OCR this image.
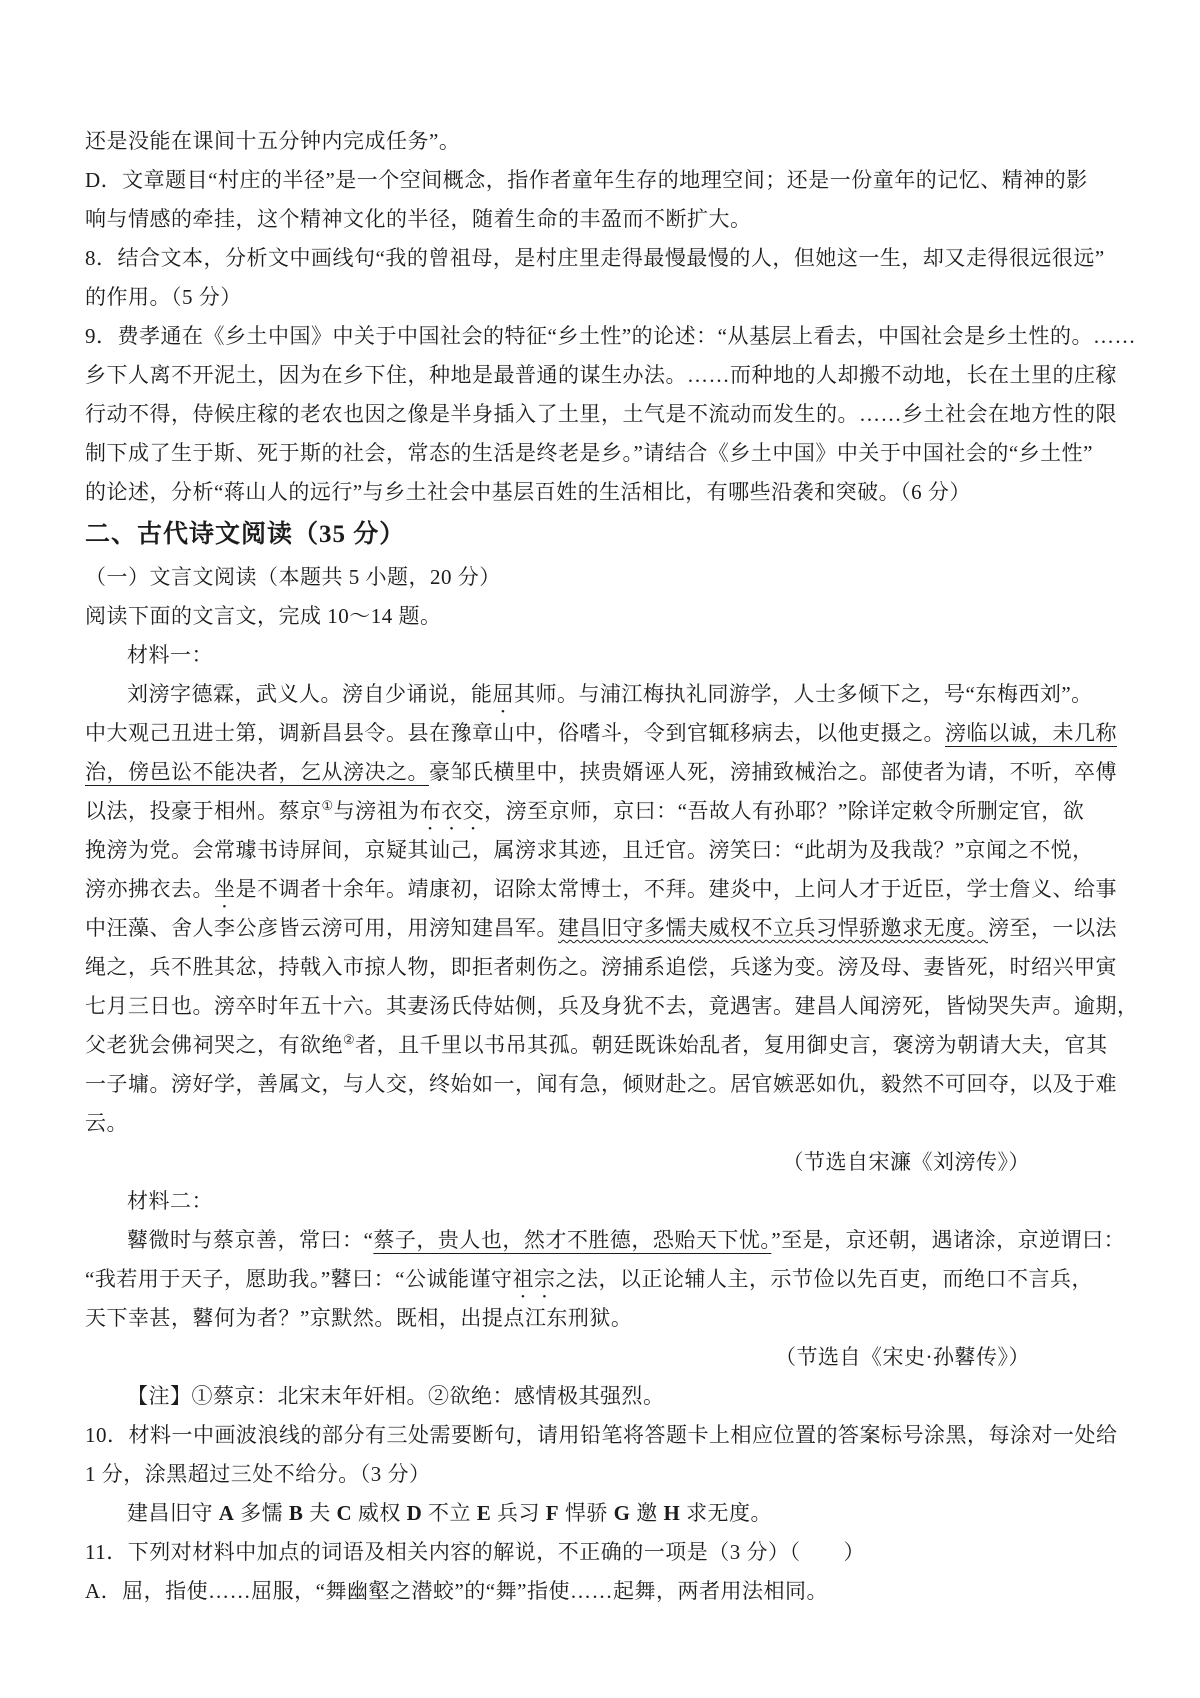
还是没能在课间十五分钟内完成任务”。
D．文章题目“村庄的半径”是一个空间概念，指作者童年生存的地理空间；还是一份童年的记忆、精神的影
响与情感的牵挂，这个精神文化的半径，随着生命的丰盈而不断扩大。
8．结合文本，分析文中画线句“我的曾祖母，是村庄里走得最慢最慢的人，但她这一生，却又走得很远很远”
的作用。（5 分）
9．费孝通在《乡土中国》中关于中国社会的特征“乡土性”的论述：“从基层上看去，中国社会是乡土性的。……
乡下人离不开泥土，因为在乡下住，种地是最普通的谋生办法。……而种地的人却搬不动地，长在土里的庄稼
行动不得，侍候庄稼的老农也因之像是半身插入了土里，土气是不流动而发生的。……乡土社会在地方性的限
制下成了生于斯、死于斯的社会，常态的生活是终老是乡。”请结合《乡土中国》中关于中国社会的“乡土性”
的论述，分析“蒋山人的远行”与乡土社会中基层百姓的生活相比，有哪些沿袭和突破。（6 分）
二、古代诗文阅读（35 分）
（一）文言文阅读（本题共 5 小题，20 分）
阅读下面的文言文，完成 10～14 题。
材料一：
刘滂字德霖，武义人。滂自少诵说，能屈其师。与浦江梅执礼同游学，人士多倾下之，号“东梅西刘”。
中大观己丑进士第，调新昌县令。县在豫章山中，俗嗜斗，令到官辄移病去，以他吏摄之。滂临以诚，未几称
治，傍邑讼不能决者，乞从滂决之。豪邹氏横里中，挟贵婿诬人死，滂捕致械治之。部使者为请，不听，卒傅
以法，投豪于相州。蔡京①与滂祖为布衣交，滂至京师，京曰：“吾故人有孙耶？”除详定敕令所删定官，欲
挽滂为党。会常璩书诗屏间，京疑其讪己，属滂求其迹，且迁官。滂笑曰：“此胡为及我哉？”京闻之不悦，
滂亦拂衣去。坐是不调者十余年。靖康初，诏除太常博士，不拜。建炎中，上问人才于近臣，学士詹义、给事
中汪藻、舍人李公彦皆云滂可用，用滂知建昌军。建昌旧守多懦夫威权不立兵习悍骄邀求无度。滂至，一以法
绳之，兵不胜其忿，持戟入市掠人物，即拒者刺伤之。滂捕系追偿，兵遂为变。滂及母、妻皆死，时绍兴甲寅
七月三日也。滂卒时年五十六。其妻汤氏侍姑侧，兵及身犹不去，竟遇害。建昌人闻滂死，皆恸哭失声。逾期，
父老犹会佛祠哭之，有欲绝②者，且千里以书吊其孤。朝廷既诛始乱者，复用御史言，褒滂为朝请大夫，官其
一子墉。滂好学，善属文，与人交，终始如一，闻有急，倾财赴之。居官嫉恶如仇，毅然不可回夺，以及于难
云。
（节选自宋濂《刘滂传》）
材料二：
鼛微时与蔡京善，常曰：“蔡子，贵人也，然才不胜德，恐贻天下忧。”至是，京还朝，遇诸涂，京逆谓曰：
“我若用于天子，愿助我。”鼛曰：“公诚能谨守祖宗之法，以正论辅人主，示节俭以先百吏，而绝口不言兵，
天下幸甚，鼛何为者？”京默然。既相，出提点江东刑狱。
（节选自《宋史·孙鼛传》）
【注】①蔡京：北宋末年奸相。②欲绝：感情极其强烈。
10．材料一中画波浪线的部分有三处需要断句，请用铅笔将答题卡上相应位置的答案标号涂黑，每涂对一处给
1 分，涂黑超过三处不给分。（3 分）
建昌旧守 A 多懦 B 夫 C 威权 D 不立 E 兵习 F 悍骄 G 邀 H 求无度。
11．下列对材料中加点的词语及相关内容的解说，不正确的一项是（3 分）（　　）
A．屈，指使……屈服，“舞幽壑之潜蛟”的“舞”指使……起舞，两者用法相同。
